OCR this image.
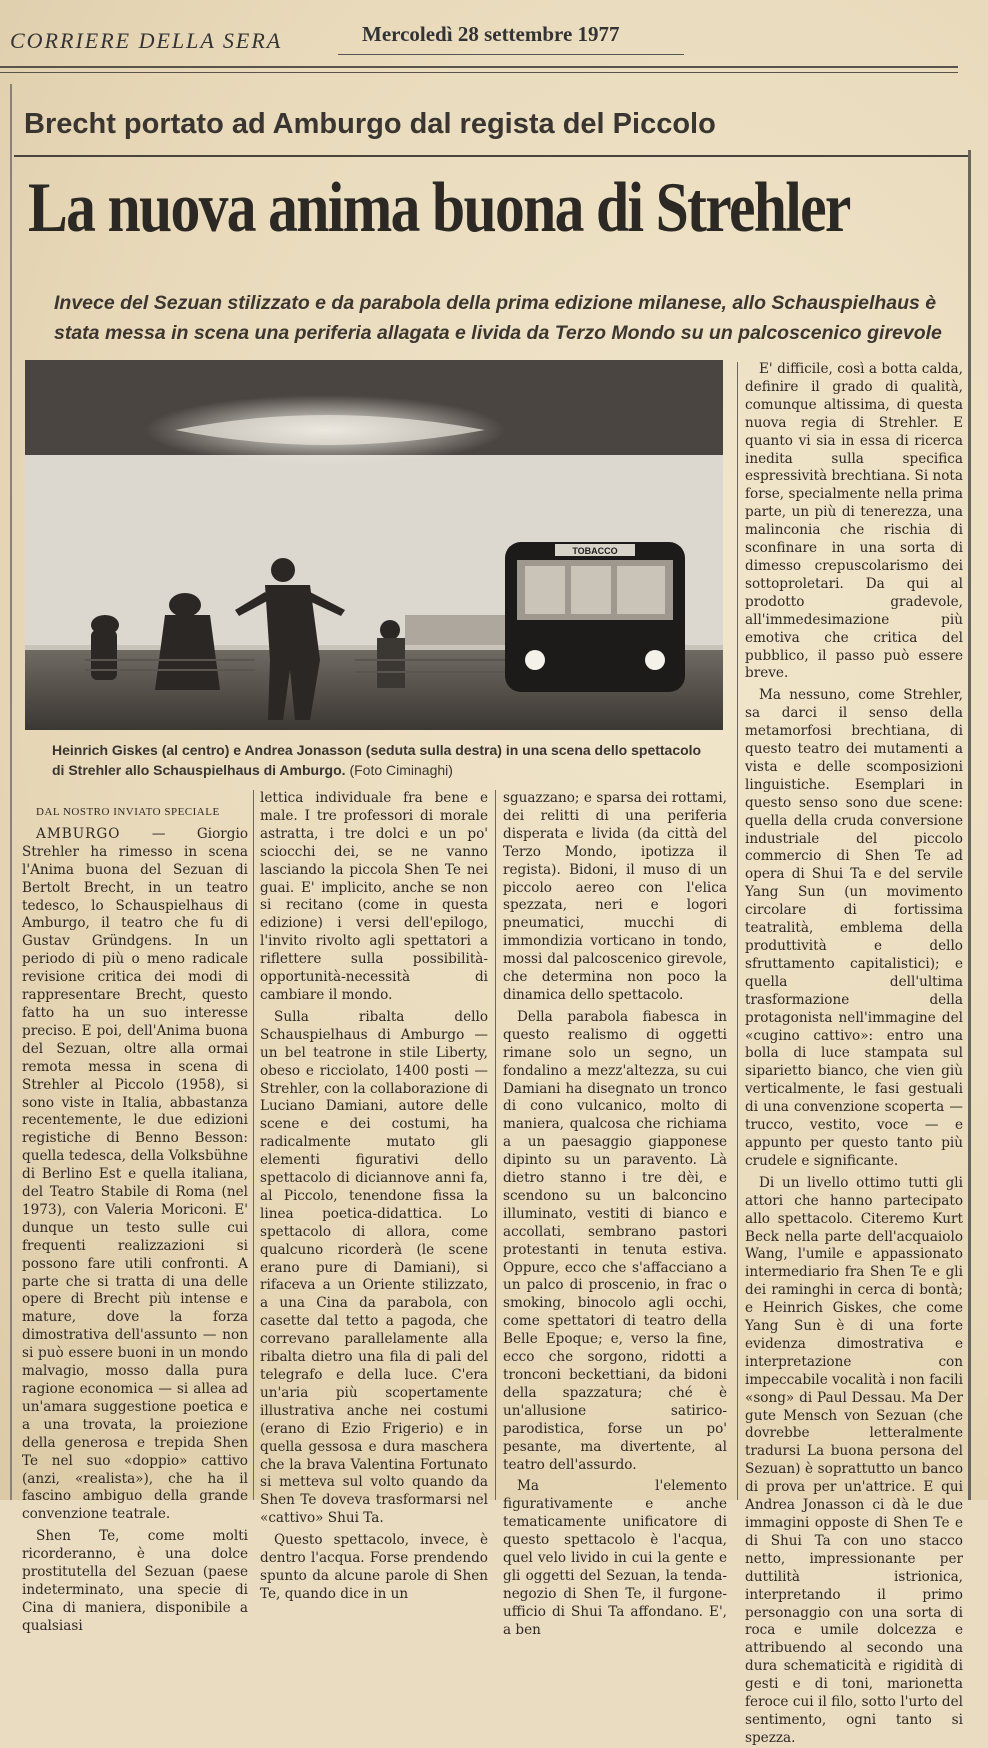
CORRIERE DELLA SERA	Mercoledì 28 settembre 1977
Brecht portato ad Amburgo dal regista del Piccolo
La nuova anima buona di Strehler
Invece del Sezuan stilizzato e da parabola della prima edizione milanese, allo Schauspielhaus è stata messa in scena una periferia allagata e livida da Terzo Mondo su un palcoscenico girevole
TOBACCO
Heinrich Giskes (al centro) e Andrea Jonasson (seduta sulla destra) in una scena dello spettacolo di Strehler allo Schauspielhaus di Amburgo. (Foto Ciminaghi)

DAL NOSTRO INVIATO SPECIALE

AMBURGO — Giorgio Strehler ha rimesso in scena l'Anima buona del Sezuan di Bertolt Brecht, in un teatro tedesco, lo Schauspielhaus di Amburgo, il teatro che fu di Gustav Gründgens. In un periodo di più o meno radicale revisione critica dei modi di rappresentare Brecht, questo fatto ha un suo interesse preciso. E poi, dell'Anima buona del Sezuan, oltre alla ormai remota messa in scena di Strehler al Piccolo (1958), si sono viste in Italia, abbastanza recentemente, le due edizioni registiche di Benno Besson: quella tedesca, della Volksbühne di Berlino Est e quella italiana, del Teatro Stabile di Roma (nel 1973), con Valeria Moriconi. E' dunque un testo sulle cui frequenti realizzazioni si possono fare utili confronti. A parte che si tratta di una delle opere di Brecht più intense e mature, dove la forza dimostrativa dell'assunto — non si può essere buoni in un mondo malvagio, mosso dalla pura ragione economica — si allea ad un'amara suggestione poetica e a una trovata, la proiezione della generosa e trepida Shen Te nel suo «doppio» cattivo (anzi, «realista»), che ha il fascino ambiguo della grande convenzione teatrale.

Shen Te, come molti ricorderanno, è una dolce prostitutella del Sezuan (paese indeterminato, una specie di Cina di maniera, disponibile a qualsiasi

lettica individuale fra bene e male. I tre professori di morale astratta, i tre dolci e un po' sciocchi dei, se ne vanno lasciando la piccola Shen Te nei guai. E' implicito, anche se non si recitano (come in questa edizione) i versi dell'epilogo, l'invito rivolto agli spettatori a riflettere sulla possibilità-opportunità-necessità di cambiare il mondo.

Sulla ribalta dello Schauspielhaus di Amburgo — un bel teatrone in stile Liberty, obeso e ricciolato, 1400 posti — Strehler, con la collaborazione di Luciano Damiani, autore delle scene e dei costumi, ha radicalmente mutato gli elementi figurativi dello spettacolo di diciannove anni fa, al Piccolo, tenendone fissa la linea poetica-didattica. Lo spettacolo di allora, come qualcuno ricorderà (le scene erano pure di Damiani), si rifaceva a un Oriente stilizzato, a una Cina da parabola, con casette dal tetto a pagoda, che correvano parallelamente alla ribalta dietro una fila di pali del telegrafo e della luce. C'era un'aria più scopertamente illustrativa anche nei costumi (erano di Ezio Frigerio) e in quella gessosa e dura maschera che la brava Valentina Fortunato si metteva sul volto quando da Shen Te doveva trasformarsi nel «cattivo» Shui Ta.

Questo spettacolo, invece, è dentro l'acqua. Forse prendendo spunto da alcune parole di Shen Te, quando dice in un

sguazzano; e sparsa dei rottami, dei relitti di una periferia disperata e livida (da città del Terzo Mondo, ipotizza il regista). Bidoni, il muso di un piccolo aereo con l'elica spezzata, neri e logori pneumatici, mucchi di immondizia vorticano in tondo, mossi dal palcoscenico girevole, che determina non poco la dinamica dello spettacolo.

Della parabola fiabesca in questo realismo di oggetti rimane solo un segno, un fondalino a mezz'altezza, su cui Damiani ha disegnato un tronco di cono vulcanico, molto di maniera, qualcosa che richiama a un paesaggio giapponese dipinto su un paravento. Là dietro stanno i tre dèi, e scendono su un balconcino illuminato, vestiti di bianco e accollati, sembrano pastori protestanti in tenuta estiva. Oppure, ecco che s'affacciano a un palco di proscenio, in frac o smoking, binocolo agli occhi, come spettatori di teatro della Belle Epoque; e, verso la fine, ecco che sorgono, ridotti a tronconi beckettiani, da bidoni della spazzatura; ché è un'allusione satirico-parodistica, forse un po' pesante, ma divertente, al teatro dell'assurdo.

Ma l'elemento figurativamente e anche tematicamente unificatore di questo spettacolo è l'acqua, quel velo livido in cui la gente e gli oggetti del Sezuan, la tenda-negozio di Shen Te, il furgone-ufficio di Shui Ta affondano. E', a ben

E' difficile, così a botta calda, definire il grado di qualità, comunque altissima, di questa nuova regia di Strehler. E quanto vi sia in essa di ricerca inedita sulla specifica espressività brechtiana. Si nota forse, specialmente nella prima parte, un più di tenerezza, una malinconia che rischia di sconfinare in una sorta di dimesso crepuscolarismo dei sottoproletari. Da qui al prodotto gradevole, all'immedesimazione più emotiva che critica del pubblico, il passo può essere breve.

Ma nessuno, come Strehler, sa darci il senso della metamorfosi brechtiana, di questo teatro dei mutamenti a vista e delle scomposizioni linguistiche. Esemplari in questo senso sono due scene: quella della cruda conversione industriale del piccolo commercio di Shen Te ad opera di Shui Ta e del servile Yang Sun (un movimento circolare di fortissima teatralità, emblema della produttività e dello sfruttamento capitalistici); e quella dell'ultima trasformazione della protagonista nell'immagine del «cugino cattivo»: entro una bolla di luce stampata sul siparietto bianco, che vien giù verticalmente, le fasi gestuali di una convenzione scoperta — trucco, vestito, voce — e appunto per questo tanto più crudele e significante.

Di un livello ottimo tutti gli attori che hanno partecipato allo spettacolo. Citeremo Kurt Beck nella parte dell'acquaiolo Wang, l'umile e appassionato intermediario fra Shen Te e gli dei raminghi in cerca di bontà; e Heinrich Giskes, che come Yang Sun è di una forte evidenza dimostrativa e interpretazione con impeccabile vocalità i non facili «song» di Paul Dessau. Ma Der gute Mensch von Sezuan (che dovrebbe letteralmente tradursi La buona persona del Sezuan) è soprattutto un banco di prova per un'attrice. E qui Andrea Jonasson ci dà le due immagini opposte di Shen Te e di Shui Ta con uno stacco netto, impressionante per duttilità istrionica, interpretando il primo personaggio con una sorta di roca e umile dolcezza e attribuendo al secondo una dura schematicità e rigidità di gesti e di toni, marionetta feroce cui il filo, sotto l'urto del sentimento, ogni tanto si spezza.
